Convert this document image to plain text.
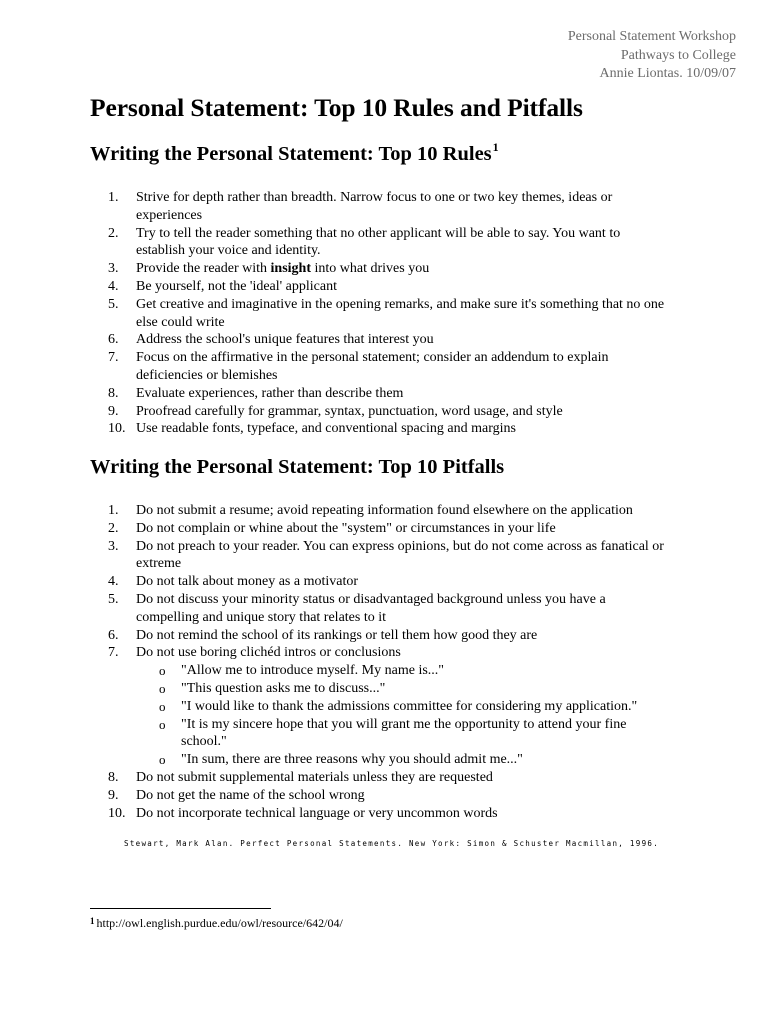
Personal Statement Workshop
Pathways to College
Annie Liontas. 10/09/07
Personal Statement: Top 10 Rules and Pitfalls
Writing the Personal Statement: Top 10 Rules$^1$
1.	Strive for depth rather than breadth. Narrow focus to one or two key themes, ideas or experiences
2.	Try to tell the reader something that no other applicant will be able to say. You want to establish your voice and identity.
3.	Provide the reader with insight into what drives you
4.	Be yourself, not the 'ideal' applicant
5.	Get creative and imaginative in the opening remarks, and make sure it's something that no one else could write
6.	Address the school's unique features that interest you
7.	Focus on the affirmative in the personal statement; consider an addendum to explain deficiencies or blemishes
8.	Evaluate experiences, rather than describe them
9.	Proofread carefully for grammar, syntax, punctuation, word usage, and style
10. Use readable fonts, typeface, and conventional spacing and margins
Writing the Personal Statement: Top 10 Pitfalls
1.	Do not submit a resume; avoid repeating information found elsewhere on the application
2.	Do not complain or whine about the "system" or circumstances in your life
3.	Do not preach to your reader. You can express opinions, but do not come across as fanatical or extreme
4.	Do not talk about money as a motivator
5.	Do not discuss your minority status or disadvantaged background unless you have a compelling and unique story that relates to it
6.	Do not remind the school of its rankings or tell them how good they are
7.	Do not use boring clichéd intros or conclusions
o "Allow me to introduce myself. My name is..."
o "This question asks me to discuss..."
o "I would like to thank the admissions committee for considering my application."
o "It is my sincere hope that you will grant me the opportunity to attend your fine school."
o "In sum, there are three reasons why you should admit me..."
8.	Do not submit supplemental materials unless they are requested
9.	Do not get the name of the school wrong
10. Do not incorporate technical language or very uncommon words
Stewart, Mark Alan. Perfect Personal Statements. New York: Simon & Schuster Macmillan, 1996.
$^1$ http://owl.english.purdue.edu/owl/resource/642/04/
